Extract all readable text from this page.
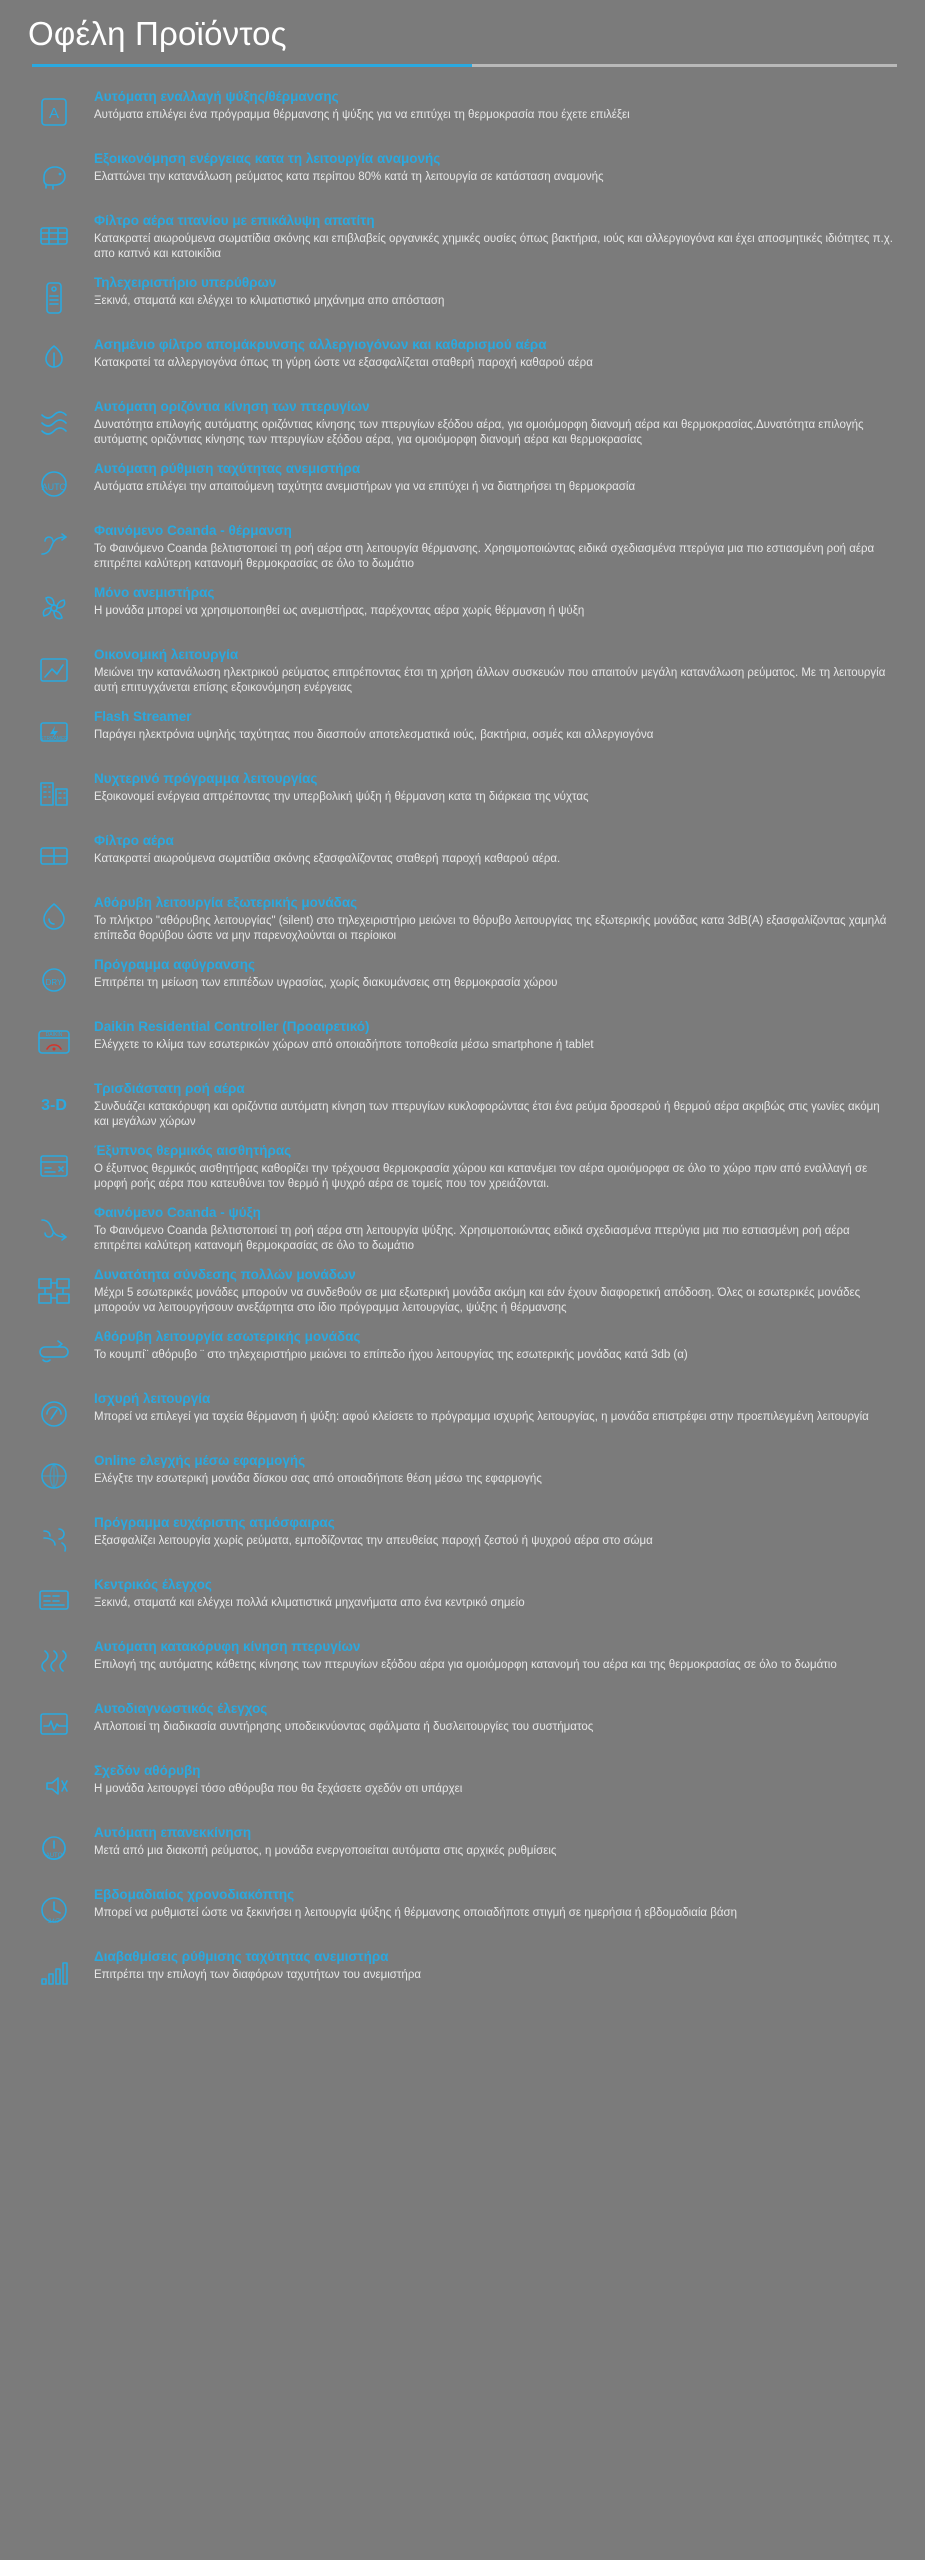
Οφέλη Προϊόντος
A
Αυτόματη εναλλαγή ψύξης/θέρμανσης
Αυτόματα επιλέγει ένα πρόγραμμα θέρμανσης ή ψύξης για να επιτύχει τη θερμοκρασία που έχετε επιλέξει
Εξοικονόμηση ενέργειας κατα τη λειτουργία αναμονής
Ελαττώνει την κατανάλωση ρεύματος κατα περίπου 80% κατά τη λειτουργία σε κατάσταση αναμονής
Φίλτρο αέρα τιτανίου με επικάλυψη απατίτη
Κατακρατεί αιωρούμενα σωματίδια σκόνης και επιβλαβείς οργανικές χημικές ουσίες όπως βακτήρια, ιούς και αλλεργιογόνα και έχει αποσμητικές ιδιότητες π.χ. απο καπνό και κατοικίδια
Τηλεχειριστήριο υπερύθρων
Ξεκινά, σταματά και ελέγχει το κλιματιστικό μηχάνημα απο απόσταση
Ασημένιο φίλτρο απομάκρυνσης αλλεργιογόνων και καθαρισμού αέρα
Κατακρατεί τα αλλεργιογόνα όπως τη γύρη ώστε να εξασφαλίζεται σταθερή παροχή καθαρού αέρα
Αυτόματη οριζόντια κίνηση των πτερυγίων
Δυνατότητα επιλογής αυτόματης οριζόντιας κίνησης των πτερυγίων εξόδου αέρα, για ομοιόμορφη διανομή αέρα και θερμοκρασίας.Δυνατότητα επιλογής αυτόματης οριζόντιας κίνησης των πτερυγίων εξόδου αέρα, για ομοιόμορφη διανομή αέρα και θερμοκρασίας
AUTO
Αυτόματη ρύθμιση ταχύτητας ανεμιστήρα
Αυτόματα επιλέγει την απαιτούμενη ταχύτητα ανεμιστήρων για να επιτύχει ή να διατηρήσει τη θερμοκρασία
Φαινόμενο Coanda - θέρμανση
Το Φαινόμενο Coanda βελτιστοποιεί τη ροή αέρα στη λειτουργία θέρμανσης. Χρησιμοποιώντας ειδικά σχεδιασμένα πτερύγια μια πιο εστιασμένη ροή αέρα επιτρέπει καλύτερη κατανομή θερμοκρασίας σε όλο το δωμάτιο
Μόνο ανεμιστήρας
Η μονάδα μπορεί να χρησιμοποιηθεί ως ανεμιστήρας, παρέχοντας αέρα χωρίς θέρμανση ή ψύξη
Οικονομική λειτουργία
Μειώνει την κατανάλωση ηλεκτρικού ρεύματος επιτρέποντας έτσι τη χρήση άλλων συσκευών που απαιτούν μεγάλη κατανάλωση ρεύματος. Με τη λειτουργία αυτή επιτυγχάνεται επίσης εξοικονόμηση ενέργειας
STREAMER
Flash Streamer
Παράγει ηλεκτρόνια υψηλής ταχύτητας που διασπούν αποτελεσματικά ιούς, βακτήρια, οσμές και αλλεργιογόνα
Νυχτερινό πρόγραμμα λειτουργίας
Εξοικονομεί ενέργεια απτρέποντας την υπερβολική ψύξη ή θέρμανση κατα τη διάρκεια της νύχτας
Φίλτρο αέρα
Κατακρατεί αιωρούμενα σωματίδια σκόνης εξασφαλίζοντας σταθερή παροχή καθαρού αέρα.
Αθόρυβη λειτουργία εξωτερικής μονάδας
Το πλήκτρο "αθόρυβης λειτουργίας" (silent) στο τηλεχειριστήριο μειώνει το θόρυβο λειτουργίας της εξωτερικής μονάδας κατα 3dB(A) εξασφαλίζοντας χαμηλά επίπεδα θορύβου ώστε να μην παρενοχλούνται οι περίοικοι
DRY
Πρόγραμμα αφύγρανσης
Επιτρέπει τη μείωση των επιπέδων υγρασίας, χωρίς διακυμάνσεις στη θερμοκρασία χώρου
DAIKIN
Daikin Residential Controller (Προαιρετικό)
Ελέγχετε το κλίμα των εσωτερικών χώρων από οποιαδήποτε τοποθεσία μέσω smartphone ή tablet
3-D
Τρισδιάστατη ροή αέρα
Συνδυάζει κατακόρυφη και οριζόντια αυτόματη κίνηση των πτερυγίων κυκλοφορώντας έτσι ένα ρεύμα δροσερού ή θερμού αέρα ακριβώς στις γωνίες ακόμη και μεγάλων χώρων
Έξυπνος θερμικός αισθητήρας
Ο έξυπνος θερμικός αισθητήρας καθορίζει την τρέχουσα θερμοκρασία χώρου και κατανέμει τον αέρα ομοιόμορφα σε όλο το χώρο πριν από εναλλαγή σε μορφή ροής αέρα που κατευθύνει τον θερμό ή ψυχρό αέρα σε τομείς που τον χρειάζονται.
Φαινόμενο Coanda - ψύξη
Το Φαινόμενο Coanda βελτιστοποιεί τη ροή αέρα στη λειτουργία ψύξης. Χρησιμοποιώντας ειδικά σχεδιασμένα πτερύγια μια πιο εστιασμένη ροή αέρα επιτρέπει καλύτερη κατανομή θερμοκρασίας σε όλο το δωμάτιο
Δυνατότητα σύνδεσης πολλών μονάδων
Μέχρι 5 εσωτερικές μονάδες μπορούν να συνδεθούν σε μια εξωτερική μονάδα ακόμη και εάν έχουν διαφορετική απόδοση. Όλες οι εσωτερικές μονάδες μπορούν να λειτουργήσουν ανεξάρτητα στο ίδιο πρόγραμμα λειτουργίας, ψύξης ή θέρμανσης
Αθόρυβη λειτουργία εσωτερικής μονάδας
Το κουμπί¨ αθόρυβο ¨ στο τηλεχειριστήριο μειώνει το επίπεδο ήχου λειτουργίας της εσωτερικής μονάδας κατά 3db (α)
Ισχυρή λειτουργία
Μπορεί να επιλεγεί για ταχεία θέρμανση ή ψύξη: αφού κλείσετε το πρόγραμμα ισχυρής λειτουργίας, η μονάδα επιστρέφει στην προεπιλεγμένη λειτουργία
Online ελεγχής μέσω εφαρμογής
Ελέγξτε την εσωτερική μονάδα δίσκου σας από οποιαδήποτε θέση μέσω της εφαρμογής
Πρόγραμμα ευχάριστης ατμόσφαιρας
Εξασφαλίζει λειτουργία χωρίς ρεύματα, εμποδίζοντας την απευθείας παροχή ζεστού ή ψυχρού αέρα στο σώμα
Κεντρικός έλεγχος
Ξεκινά, σταματά και ελέγχει πολλά κλιματιστικά μηχανήματα απο ένα κεντρικό σημείο
Αυτόματη κατακόρυφη κίνηση πτερυγίων
Επιλογή της αυτόματης κάθετης κίνησης των πτερυγίων εξόδου αέρα για ομοιόμορφη κατανομή του αέρα και της θερμοκρασίας σε όλο το δωμάτιο
Αυτοδιαγνωστικός έλεγχος
Απλοποιεί τη διαδικασία συντήρησης υποδεικνύοντας σφάλματα ή δυσλειτουργίες του συστήματος
Σχεδόν αθόρυβη
Η μονάδα λειτουργεί τόσο αθόρυβα που θα ξεχάσετε σχεδόν οτι υπάρχει
AUTO
Αυτόματη επανεκκίνηση
Μετά από μια διακοπή ρεύματος, η μονάδα ενεργοποιείται αυτόματα στις αρχικές ρυθμίσεις
24/7
Εβδομαδιαίος χρονοδιακόπτης
Μπορεί να ρυθμιστεί ώστε να ξεκινήσει η λειτουργία ψύξης ή θέρμανσης οποιαδήποτε στιγμή σε ημερήσια ή εβδομαδιαία βάση
Διαβαθμίσεις ρύθμισης ταχύτητας ανεμιστήρα
Επιτρέπει την επιλογή των διαφόρων ταχυτήτων του ανεμιστήρα
